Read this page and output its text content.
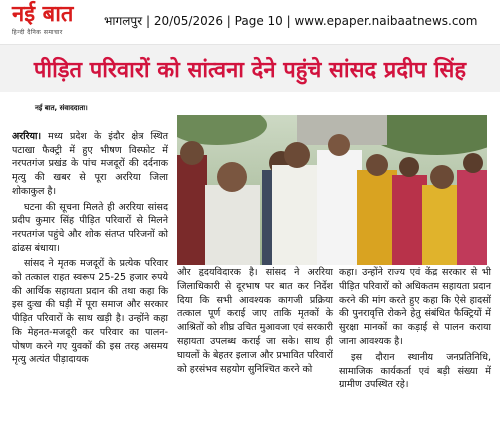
नई बात
हिन्दी दैनिक समाचार
भागलपुर | 20/05/2026 | Page 10 | www.epaper.naibaatnews.com
पीड़ित परिवारों को सांत्वना देने पहुंचे सांसद प्रदीप सिंह
नई बात, संवाददाता।

अररिया। मध्य प्रदेश के इंदौर क्षेत्र स्थित पटाखा फैक्ट्री में हुए भीषण विस्फोट में नरपतगंज प्रखंड के पांच मजदूरों की दर्दनाक मृत्यु की खबर से पूरा अररिया जिला शोकाकुल है।

घटना की सूचना मिलते ही अररिया सांसद प्रदीप कुमार सिंह पीड़ित परिवारों से मिलने नरपतगंज पहुंचे और शोक संतप्त परिजनों को ढांढस बंधाया।

सांसद ने मृतक मजदूरों के प्रत्येक परिवार को तत्काल राहत स्वरूप 25-25 हजार रुपये की आर्थिक सहायता प्रदान की तथा कहा कि इस दुःख की घड़ी में पूरा समाज और सरकार पीड़ित परिवारों के साथ खड़ी है। उन्होंने कहा कि मेहनत-मजदूरी कर परिवार का पालन-पोषण करने गए युवकों की इस तरह असमय मृत्यु अत्यंत पीड़ादायक

और हृदयविदारक है। सांसद ने अररिया जिलाधिकारी से दूरभाष पर बात कर निर्देश दिया कि सभी आवश्यक कागजी प्रक्रिया तत्काल पूर्ण कराई जाए ताकि मृतकों के आश्रितों को शीघ्र उचित मुआवजा एवं सरकारी सहायता उपलब्ध कराई जा सके। साथ ही घायलों के बेहतर इलाज और प्रभावित परिवारों को हरसंभव सहयोग सुनिश्चित करने को

कहा। उन्होंने राज्य एवं केंद्र सरकार से भी पीड़ित परिवारों को अधिकतम सहायता प्रदान करने की मांग करते हुए कहा कि ऐसे हादसों की पुनरावृत्ति रोकने हेतु संबंधित फैक्ट्रियों में सुरक्षा मानकों का कड़ाई से पालन कराया जाना आवश्यक है।

इस दौरान स्थानीय जनप्रतिनिधि, सामाजिक कार्यकर्ता एवं बड़ी संख्या में ग्रामीण उपस्थित रहे।
